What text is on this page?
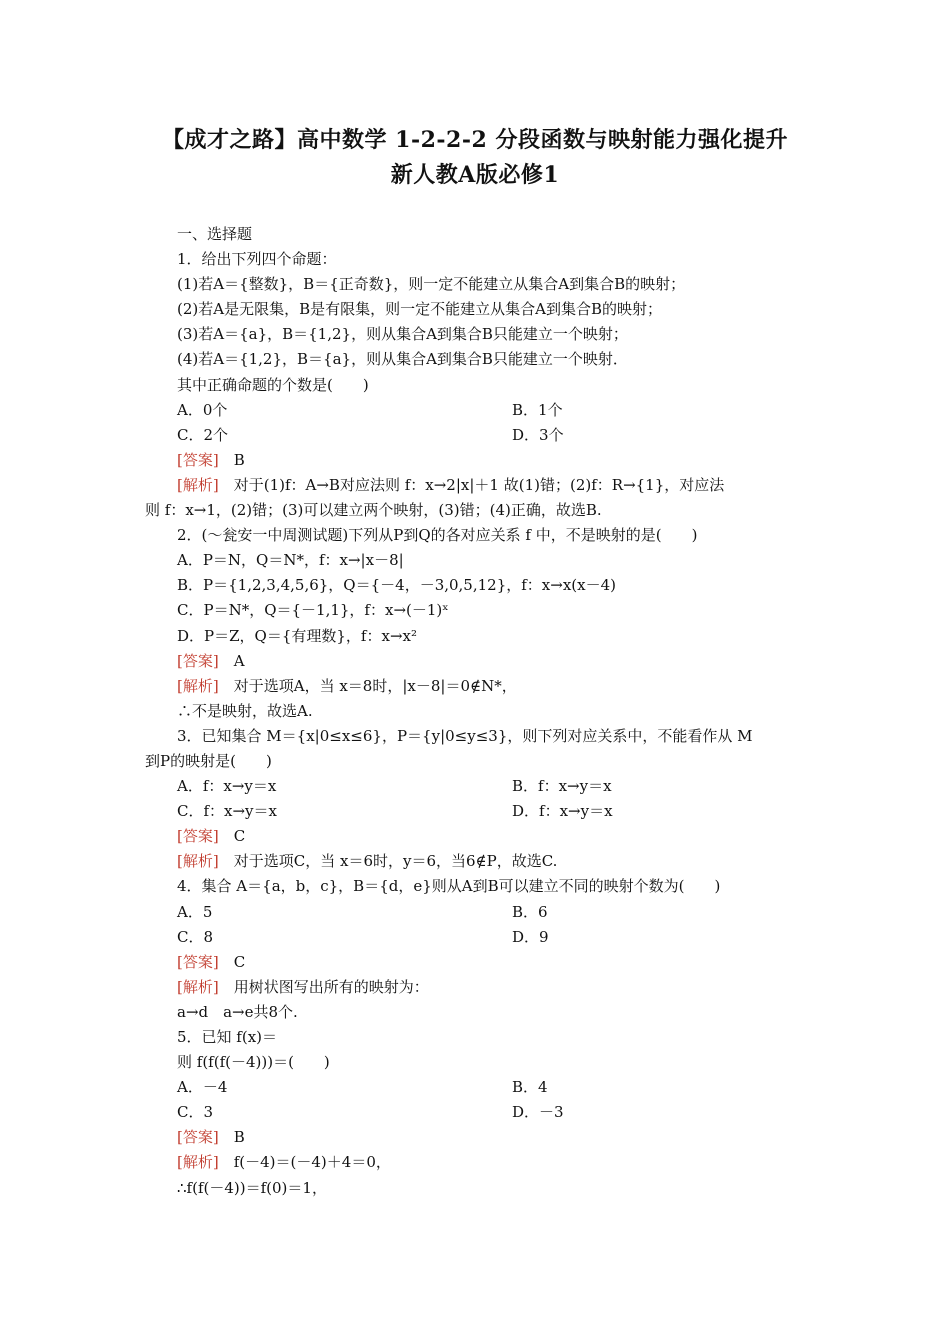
【成才之路】高中数学 1-2-2-2 分段函数与映射能力强化提升
新人教A版必修1
一、选择题
1．给出下列四个命题：
(1)若A＝{整数}，B＝{正奇数}，则一定不能建立从集合A到集合B的映射；
(2)若A是无限集，B是有限集，则一定不能建立从集合A到集合B的映射；
(3)若A＝{a}，B＝{1,2}，则从集合A到集合B只能建立一个映射；
(4)若A＝{1,2}，B＝{a}，则从集合A到集合B只能建立一个映射．
其中正确命题的个数是(　　)
A．0个	B．1个
C．2个	D．3个
[答案]　 B
[解析]　 对于(1)f：A→B对应法则 f：x→2|x|＋1 故(1)错；(2)f：R→{1}，对应法
则 f：x→1，(2)错；(3)可以建立两个映射，(3)错；(4)正确，故选B.
2．(～瓮安一中周测试题)下列从P到Q的各对应关系 f 中，不是映射的是(　　)
A．P＝N，Q＝N*，f：x→|x－8|
B．P＝{1,2,3,4,5,6}，Q＝{－4，－3,0,5,12}，f：x→x(x－4)
C．P＝N*，Q＝{－1,1}，f：x→(－1)ˣ
D．P＝Z，Q＝{有理数}，f：x→x²
[答案]　 A
[解析]　 对于选项A，当 x＝8时，|x－8|＝0∉N*，
∴不是映射，故选A.
3．已知集合 M＝{x|0≤x≤6}，P＝{y|0≤y≤3}，则下列对应关系中，不能看作从 M
到P的映射是(　　)
A．f：x→y＝x	B．f：x→y＝x
C．f：x→y＝x	D．f：x→y＝x
[答案]　 C
[解析]　 对于选项C，当 x＝6时，y＝6，当6∉P，故选C.
4．集合 A＝{a，b，c}，B＝{d，e}则从A到B可以建立不同的映射个数为(　　)
A．5	B．6
C．8	D．9
[答案]　 C
[解析]　 用树状图写出所有的映射为：
a→d　a→e共8个.
5．已知 f(x)＝
则 f(f(f(－4)))＝(　　)
A．－4	B．4
C．3	D．－3
[答案]　 B
[解析]　 f(－4)＝(－4)＋4＝0，
∴f(f(－4))＝f(0)＝1，
